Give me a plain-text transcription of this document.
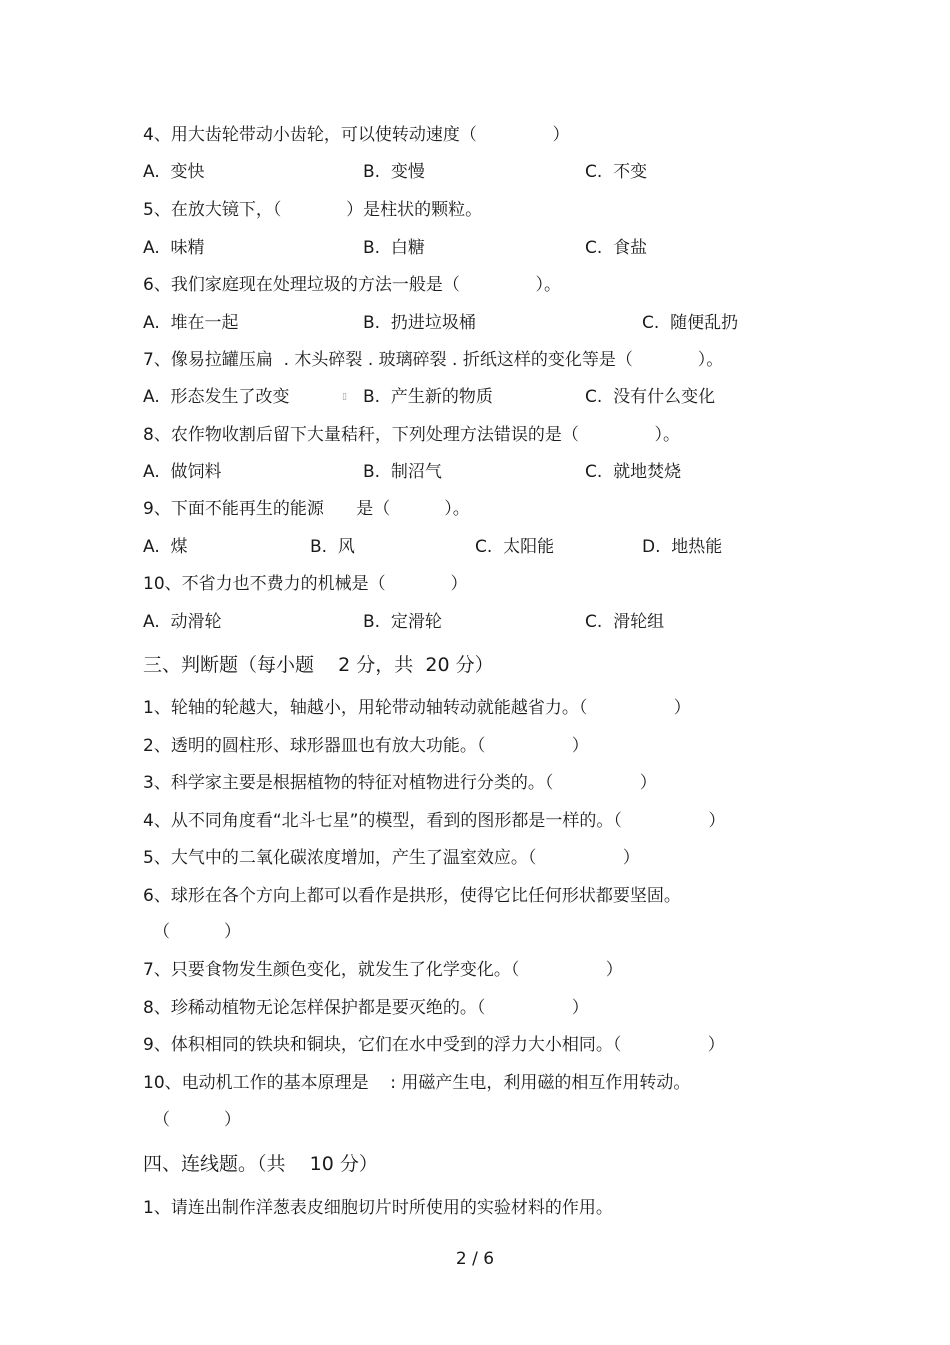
4、用大齿轮带动小齿轮，可以使转动速度（              ）
A.  变快	B.  变慢	C.  不变
5、在放大镜下，（            ）是柱状的颗粒。
A.  味精	B.  白糖	C.  食盐
6、我们家庭现在处理垃圾的方法一般是（              ）。
A.  堆在一起	B.  扔进垃圾桶	C.  随便乱扔
7、像易拉罐压扁  . 木头碎裂 . 玻璃碎裂 . 折纸这样的变化等是（            ）。
A.  形态发生了改变	▯ B.  产生新的物质	C.  没有什么变化
8、农作物收割后留下大量秸秆，下列处理方法错误的是（              ）。
A.  做饲料	B.  制沼气	C.  就地焚烧
9、下面不能再生的能源      是（          ）。
A.  煤	B.  风	C.  太阳能	D.  地热能
10、不省力也不费力的机械是（            ）
A.  动滑轮	B.  定滑轮	C.  滑轮组
三、判断题（每小题    2 分，共  20 分）
1、轮轴的轮越大，轴越小，用轮带动轴转动就能越省力。（                ）
2、透明的圆柱形、球形器皿也有放大功能。（                ）
3、科学家主要是根据植物的特征对植物进行分类的。（                ）
4、从不同角度看“北斗七星”的模型，看到的图形都是一样的。（                ）
5、大气中的二氧化碳浓度增加，产生了温室效应。（                ）
6、球形在各个方向上都可以看作是拱形，使得它比任何形状都要坚固。
（          ）
7、只要食物发生颜色变化，就发生了化学变化。（                ）
8、珍稀动植物无论怎样保护都是要灭绝的。（                ）
9、体积相同的铁块和铜块，它们在水中受到的浮力大小相同。（                ）
10、电动机工作的基本原理是    : 用磁产生电，利用磁的相互作用转动。
（          ）
四、连线题。（共    10 分）
1、请连出制作洋葱表皮细胞切片时所使用的实验材料的作用。
2 / 6
